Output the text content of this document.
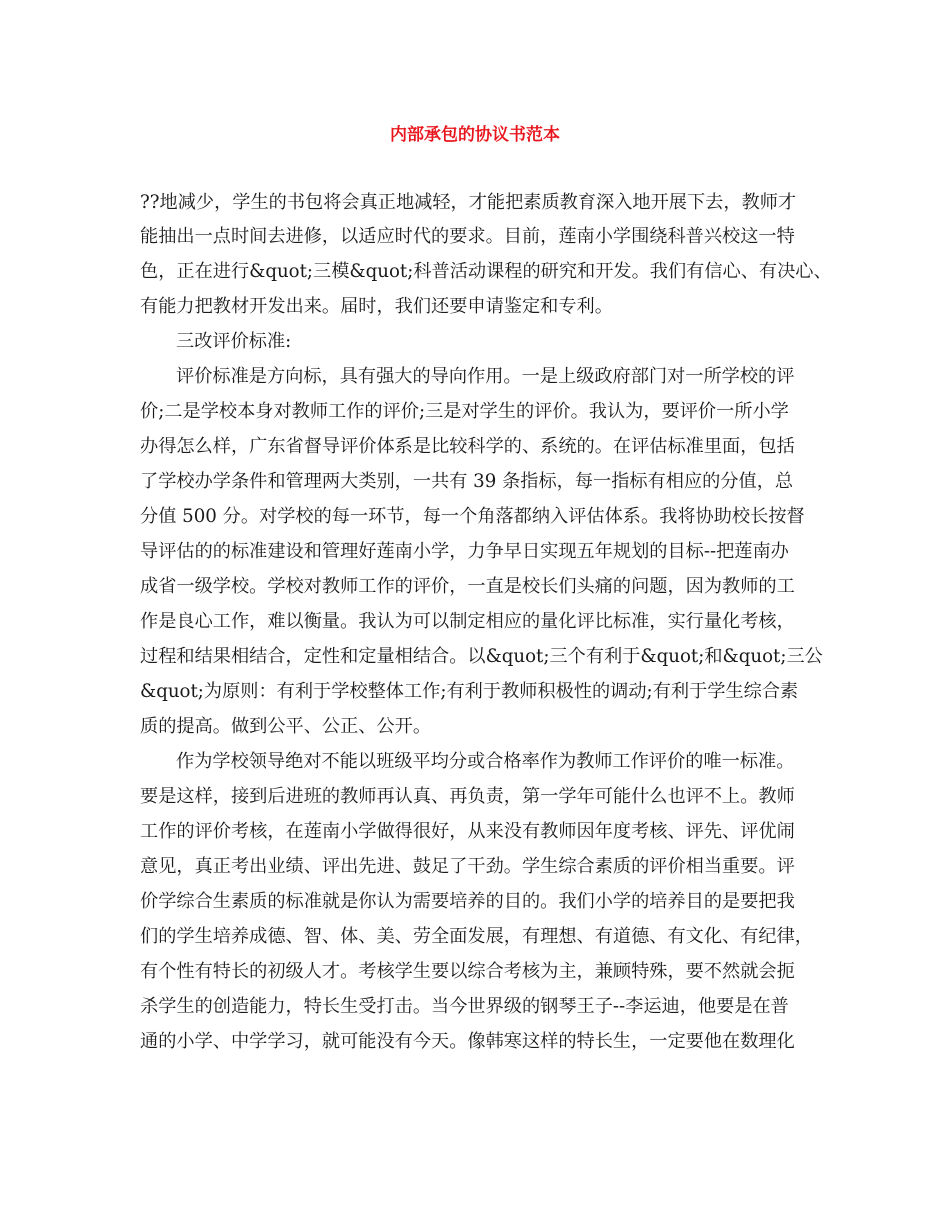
内部承包的协议书范本
??地减少，学生的书包将会真正地减轻，才能把素质教育深入地开展下去，教师才
能抽出一点时间去进修，以适应时代的要求。目前，莲南小学围绕科普兴校这一特
色，正在进行&quot;三模&quot;科普活动课程的研究和开发。我们有信心、有决心、
有能力把教材开发出来。届时，我们还要申请鉴定和专利。
三改评价标准:
评价标准是方向标，具有强大的导向作用。一是上级政府部门对一所学校的评
价;二是学校本身对教师工作的评价;三是对学生的评价。我认为，要评价一所小学
办得怎么样，广东省督导评价体系是比较科学的、系统的。在评估标准里面，包括
了学校办学条件和管理两大类别，一共有 39 条指标，每一指标有相应的分值，总
分值 500 分。对学校的每一环节，每一个角落都纳入评估体系。我将协助校长按督
导评估的的标准建设和管理好莲南小学，力争早日实现五年规划的目标--把莲南办
成省一级学校。学校对教师工作的评价，一直是校长们头痛的问题，因为教师的工
作是良心工作，难以衡量。我认为可以制定相应的量化评比标准，实行量化考核，
过程和结果相结合，定性和定量相结合。以&quot;三个有利于&quot;和&quot;三公
&quot;为原则：有利于学校整体工作;有利于教师积极性的调动;有利于学生综合素
质的提高。做到公平、公正、公开。
作为学校领导绝对不能以班级平均分或合格率作为教师工作评价的唯一标准。
要是这样，接到后进班的教师再认真、再负责，第一学年可能什么也评不上。教师
工作的评价考核，在莲南小学做得很好，从来没有教师因年度考核、评先、评优闹
意见，真正考出业绩、评出先进、鼓足了干劲。学生综合素质的评价相当重要。评
价学综合生素质的标准就是你认为需要培养的目的。我们小学的培养目的是要把我
们的学生培养成德、智、体、美、劳全面发展，有理想、有道德、有文化、有纪律，
有个性有特长的初级人才。考核学生要以综合考核为主，兼顾特殊，要不然就会扼
杀学生的创造能力，特长生受打击。当今世界级的钢琴王子--李运迪，他要是在普
通的小学、中学学习，就可能没有今天。像韩寒这样的特长生，一定要他在数理化
